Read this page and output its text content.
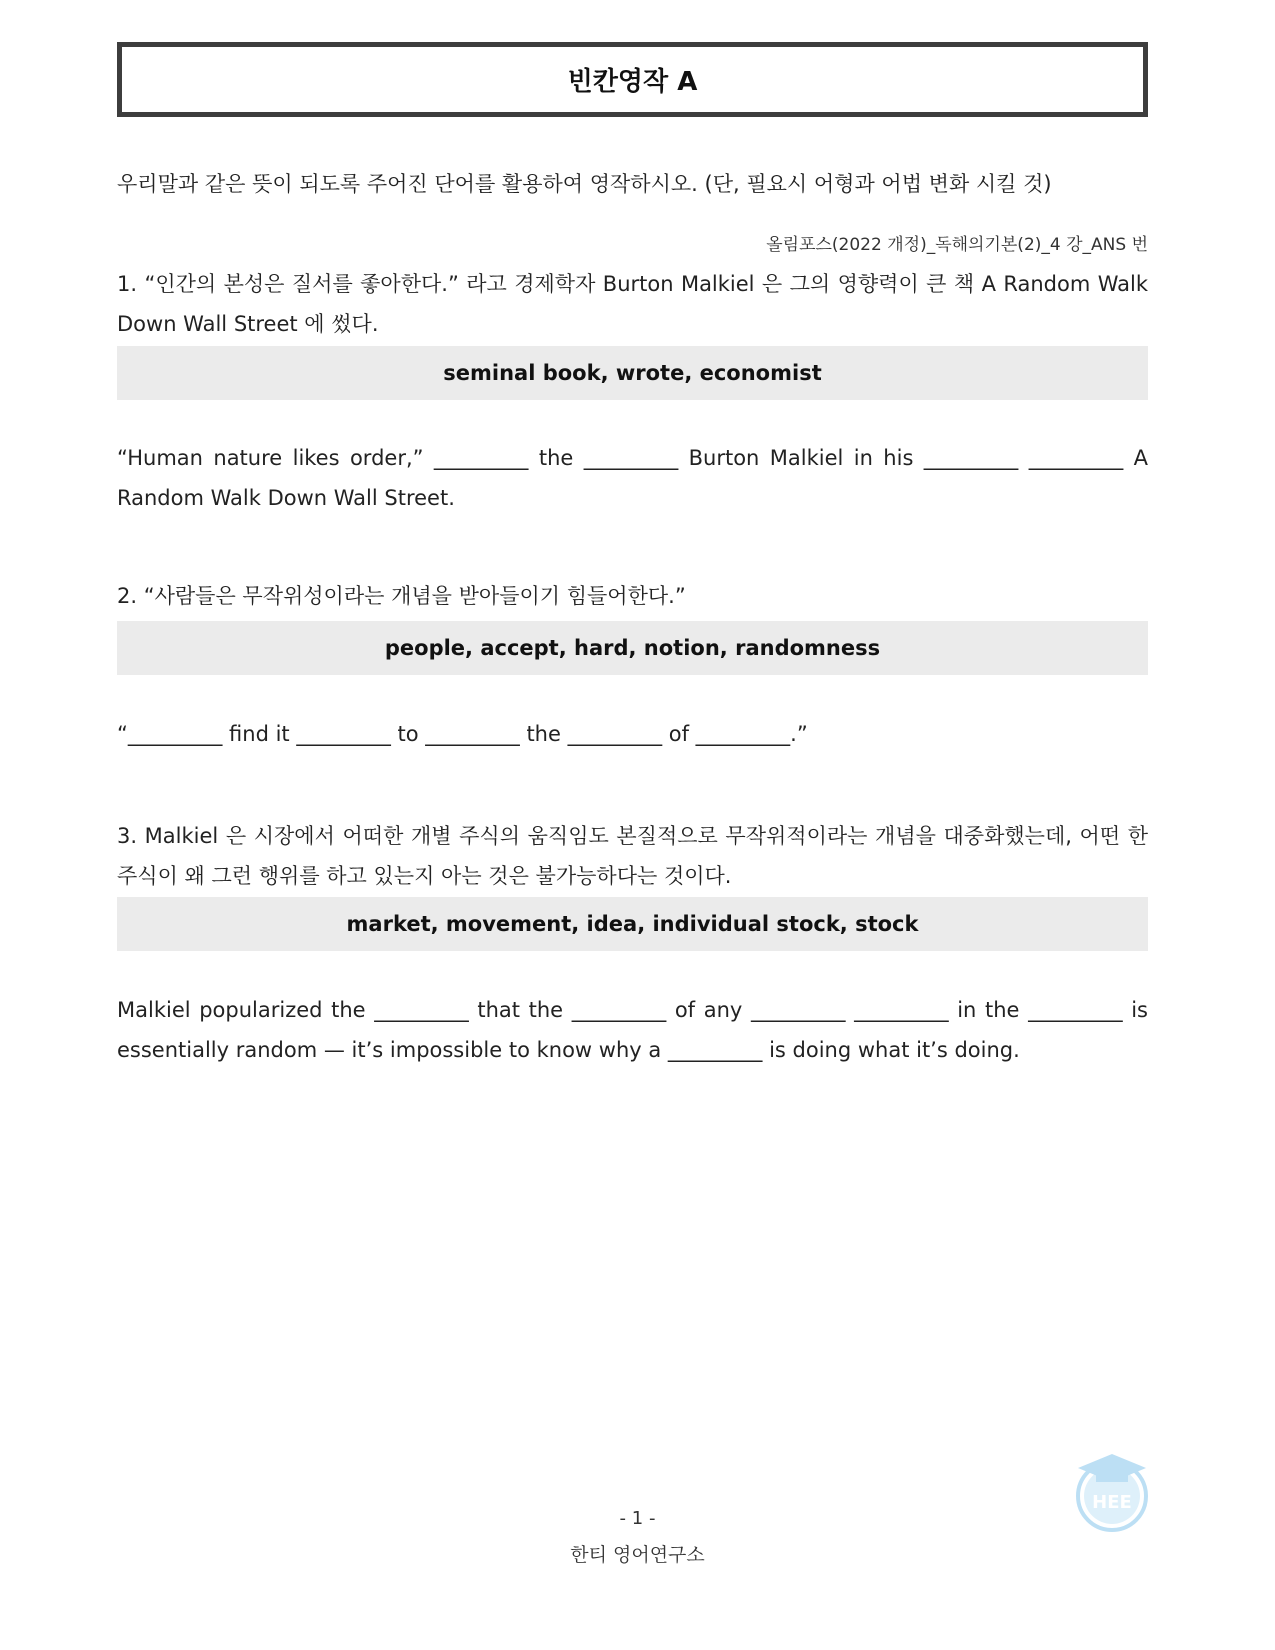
빈칸영작 A
우리말과 같은 뜻이 되도록 주어진 단어를 활용하여 영작하시오. (단, 필요시 어형과 어법 변화 시킬 것)
올림포스(2022 개정)_독해의기본(2)_4 강_ANS 번
1. “인간의 본성은 질서를 좋아한다.” 라고 경제학자 Burton Malkiel 은 그의 영향력이 큰 책 A Random Walk Down Wall Street 에 썼다.
seminal book, wrote, economist
“Human nature likes order,” _________ the _________ Burton Malkiel in his _________ _________ A Random Walk Down Wall Street.
2. “사람들은 무작위성이라는 개념을 받아들이기 힘들어한다.”
people, accept, hard, notion, randomness
“_________ find it _________ to _________ the _________ of _________.”
3. Malkiel 은 시장에서 어떠한 개별 주식의 움직임도 본질적으로 무작위적이라는 개념을 대중화했는데, 어떤 한 주식이 왜 그런 행위를 하고 있는지 아는 것은 불가능하다는 것이다.
market, movement, idea, individual stock, stock
Malkiel popularized the _________ that the _________ of any _________ _________ in the _________ is essentially random — it’s impossible to know why a _________ is doing what it’s doing.
- 1 -
한티 영어연구소
HEE
